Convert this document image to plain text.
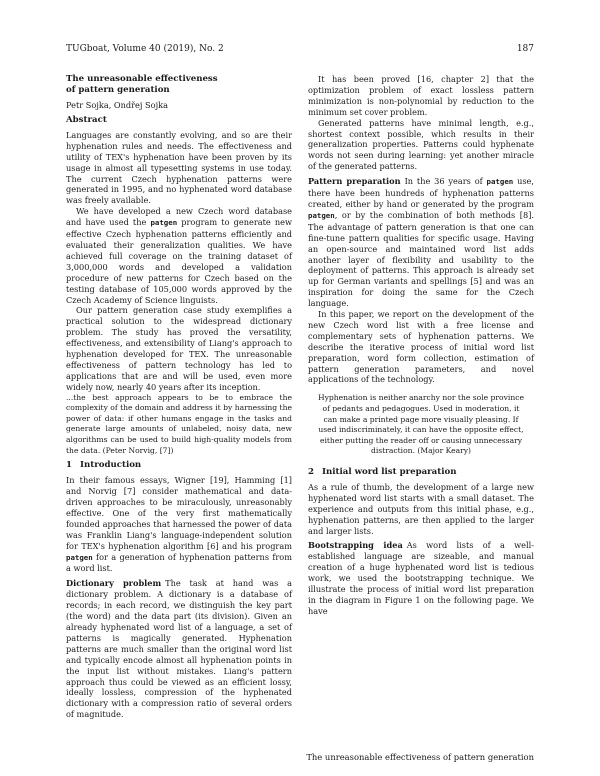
TUGboat, Volume 40 (2019), No. 2	187
The unreasonable effectiveness
of pattern generation

Petr Sojka, Ondřej Sojka

Abstract

Languages are constantly evolving, and so are their hyphenation rules and needs. The effectiveness and utility of TEX's hyphenation have been proven by its usage in almost all typesetting systems in use today. The current Czech hyphenation patterns were generated in 1995, and no hyphenated word database was freely available.

We have developed a new Czech word database and have used the patgen program to generate new effective Czech hyphenation patterns efficiently and evaluated their generalization qualities. We have achieved full coverage on the training dataset of 3,000,000 words and developed a validation procedure of new patterns for Czech based on the testing database of 105,000 words approved by the Czech Academy of Science linguists.

Our pattern generation case study exemplifies a practical solution to the widespread dictionary problem. The study has proved the versatility, effectiveness, and extensibility of Liang's approach to hyphenation developed for TEX. The unreasonable effectiveness of pattern technology has led to applications that are and will be used, even more widely now, nearly 40 years after its inception.

...the best approach appears to be to embrace the complexity of the domain and address it by harnessing the power of data: if other humans engage in the tasks and generate large amounts of unlabeled, noisy data, new algorithms can be used to build high-quality models from the data. (Peter Norvig, [7])

1 Introduction

In their famous essays, Wigner [19], Hamming [1] and Norvig [7] consider mathematical and data-driven approaches to be miraculously, unreasonably effective. One of the very first mathematically founded approaches that harnessed the power of data was Franklin Liang's language-independent solution for TEX's hyphenation algorithm [6] and his program patgen for a generation of hyphenation patterns from a word list.

Dictionary problem The task at hand was a dictionary problem. A dictionary is a database of records; in each record, we distinguish the key part (the word) and the data part (its division). Given an already hyphenated word list of a language, a set of patterns is magically generated. Hyphenation patterns are much smaller than the original word list and typically encode almost all hyphenation points in the input list without mistakes. Liang's pattern approach thus could be viewed as an efficient lossy, ideally lossless, compression of the hyphenated dictionary with a compression ratio of several orders of magnitude.

It has been proved [16, chapter 2] that the optimization problem of exact lossless pattern minimization is non-polynomial by reduction to the minimum set cover problem.

Generated patterns have minimal length, e.g., shortest context possible, which results in their generalization properties. Patterns could hyphenate words not seen during learning: yet another miracle of the generated patterns.

Pattern preparation In the 36 years of patgen use, there have been hundreds of hyphenation patterns created, either by hand or generated by the program patgen, or by the combination of both methods [8]. The advantage of pattern generation is that one can fine-tune pattern qualities for specific usage. Having an open-source and maintained word list adds another layer of flexibility and usability to the deployment of patterns. This approach is already set up for German variants and spellings [5] and was an inspiration for doing the same for the Czech language.

In this paper, we report on the development of the new Czech word list with a free license and complementary sets of hyphenation patterns. We describe the iterative process of initial word list preparation, word form collection, estimation of pattern generation parameters, and novel applications of the technology.

Hyphenation is neither anarchy nor the sole province of pedants and pedagogues. Used in moderation, it can make a printed page more visually pleasing. If used indiscriminately, it can have the opposite effect, either putting the reader off or causing unnecessary distraction. (Major Keary)

2 Initial word list preparation

As a rule of thumb, the development of a large new hyphenated word list starts with a small dataset. The experience and outputs from this initial phase, e.g., hyphenation patterns, are then applied to the larger and larger lists.

Bootstrapping idea As word lists of a well-established language are sizeable, and manual creation of a huge hyphenated word list is tedious work, we used the bootstrapping technique. We illustrate the process of initial word list preparation in the diagram in Figure 1 on the following page. We have

The unreasonable effectiveness of pattern generation
